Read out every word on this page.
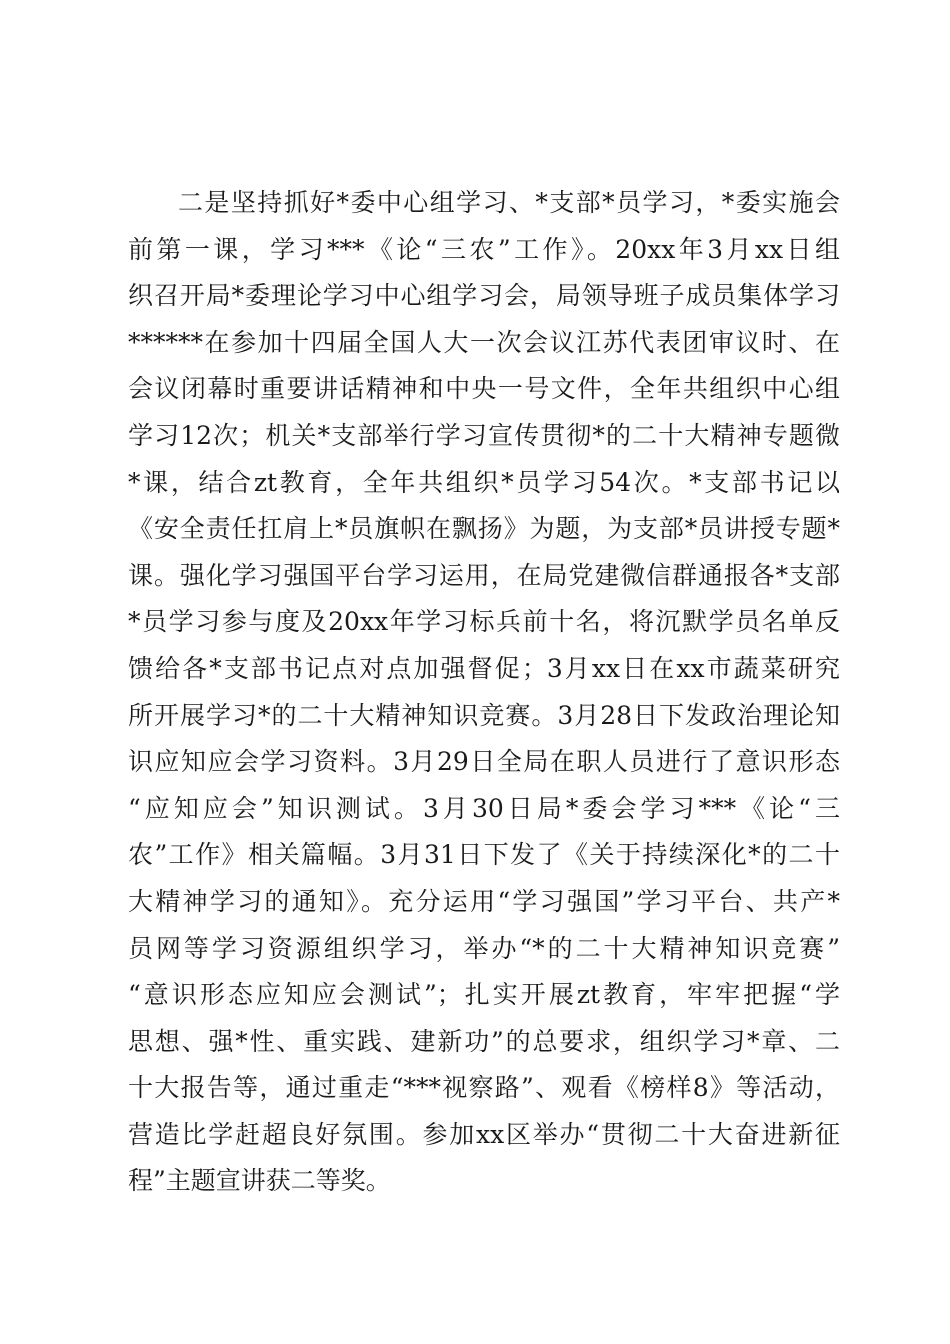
二是坚持抓好*委中心组学习、*支部*员学习，*委实施会
前第一课，学习***《论“三农”工作》。20xx年3月xx日组
织召开局*委理论学习中心组学习会，局领导班子成员集体学习
******在参加十四届全国人大一次会议江苏代表团审议时、在
会议闭幕时重要讲话精神和中央一号文件，全年共组织中心组
学习12次；机关*支部举行学习宣传贯彻*的二十大精神专题微
*课，结合zt教育，全年共组织*员学习54次。*支部书记以
《安全责任扛肩上*员旗帜在飘扬》为题，为支部*员讲授专题*
课。强化学习强国平台学习运用，在局党建微信群通报各*支部
*员学习参与度及20xx年学习标兵前十名，将沉默学员名单反
馈给各*支部书记点对点加强督促；3月xx日在xx市蔬菜研究
所开展学习*的二十大精神知识竞赛。3月28日下发政治理论知
识应知应会学习资料。3月29日全局在职人员进行了意识形态
“应知应会”知识测试。3月30日局*委会学习***《论“三
农”工作》相关篇幅。3月31日下发了《关于持续深化*的二十
大精神学习的通知》。充分运用“学习强国”学习平台、共产*
员网等学习资源组织学习，举办“*的二十大精神知识竞赛”
“意识形态应知应会测试”；扎实开展zt教育，牢牢把握“学
思想、强*性、重实践、建新功”的总要求，组织学习*章、二
十大报告等，通过重走“***视察路”、观看《榜样8》等活动，
营造比学赶超良好氛围。参加xx区举办“贯彻二十大奋进新征
程”主题宣讲获二等奖。
